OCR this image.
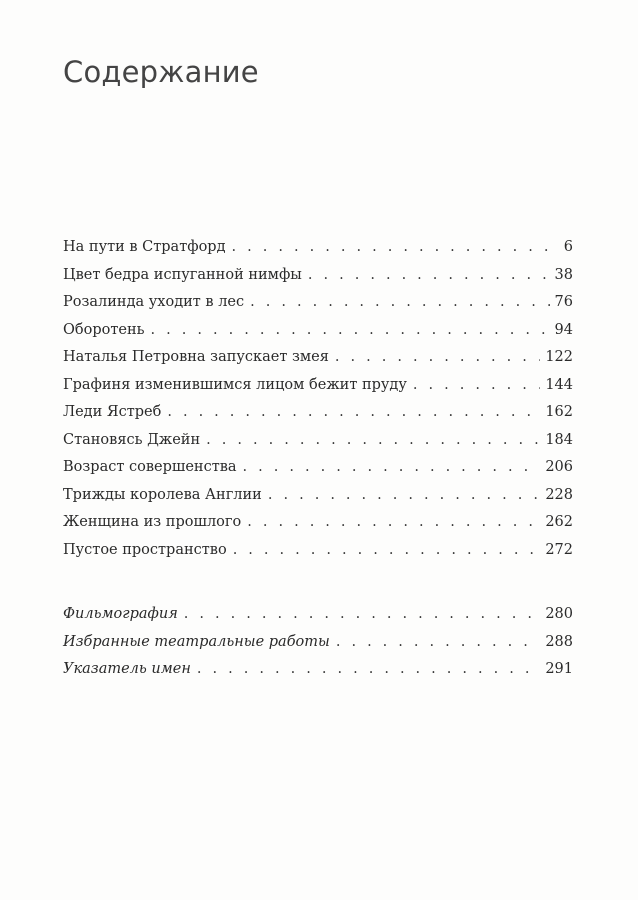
Содержание
На пути в Стратфорд . . .	6
Цвет бедра испуганной нимфы . . .	38
Розалинда уходит в лес . . .	76
Оборотень . . .	94
Наталья Петровна запускает змея . . .	122
Графиня изменившимся лицом бежит пруду . . .	144
Леди Ястреб . . .	162
Становясь Джейн . . .	184
Возраст совершенства . . .	206
Трижды королева Англии . . .	228
Женщина из прошлого . . .	262
Пустое пространство . . .	272
Фильмография . . .	280
Избранные театральные работы . . .	288
Указатель имен . . .	291
